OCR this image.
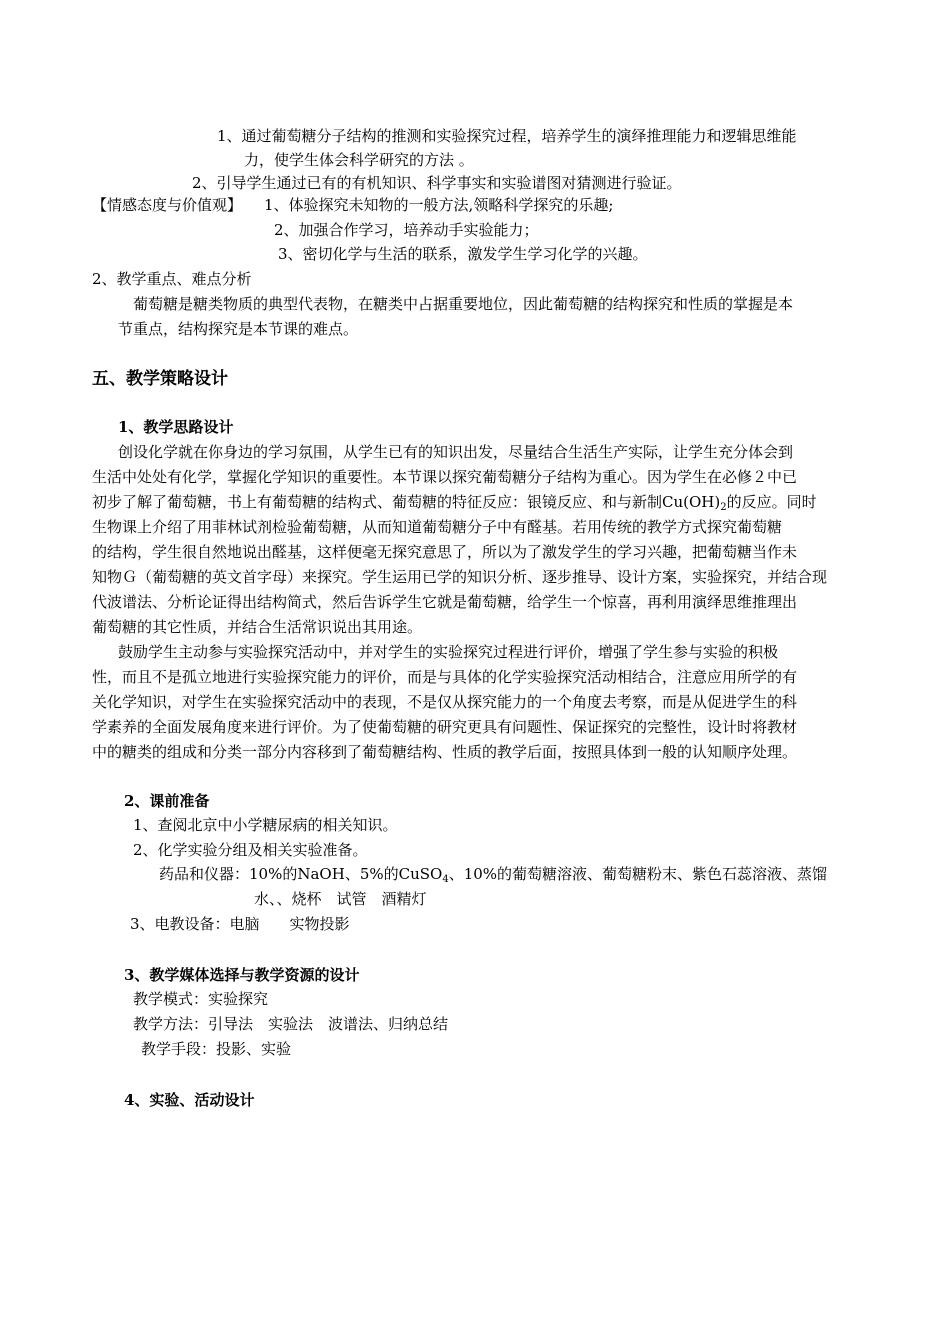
1、通过葡萄糖分子结构的推测和实验探究过程，培养学生的演绎推理能力和逻辑思维能
力，使学生体会科学研究的方法 。
2、引导学生通过已有的有机知识、科学事实和实验谱图对猜测进行验证。
【情感态度与价值观】 1、体验探究未知物的一般方法,领略科学探究的乐趣;
2、加强合作学习，培养动手实验能力；
3、密切化学与生活的联系，激发学生学习化学的兴趣。
2、教学重点、难点分析
葡萄糖是糖类物质的典型代表物，在糖类中占据重要地位，因此葡萄糖的结构探究和性质的掌握是本
节重点，结构探究是本节课的难点。
五、教学策略设计
1、教学思路设计
创设化学就在你身边的学习氛围，从学生已有的知识出发，尽量结合生活生产实际，让学生充分体会到
生活中处处有化学，掌握化学知识的重要性。本节课以探究葡萄糖分子结构为重心。因为学生在必修２中已
初步了解了葡萄糖，书上有葡萄糖的结构式、葡萄糖的特征反应：银镜反应、和与新制$Cu(OH)_2$的反应。同时
生物课上介绍了用菲林试剂检验葡萄糖，从而知道葡萄糖分子中有醛基。若用传统的教学方式探究葡萄糖
的结构，学生很自然地说出醛基，这样便毫无探究意思了，所以为了激发学生的学习兴趣，把葡萄糖当作未
知物Ｇ（葡萄糖的英文首字母）来探究。学生运用已学的知识分析、逐步推导、设计方案，实验探究，并结合现
代波谱法、分析论证得出结构简式，然后告诉学生它就是葡萄糖，给学生一个惊喜，再利用演绎思维推理出
葡萄糖的其它性质，并结合生活常识说出其用途。
鼓励学生主动参与实验探究活动中，并对学生的实验探究过程进行评价，增强了学生参与实验的积极
性，而且不是孤立地进行实验探究能力的评价，而是与具体的化学实验探究活动相结合，注意应用所学的有
关化学知识，对学生在实验探究活动中的表现，不是仅从探究能力的一个角度去考察，而是从促进学生的科
学素养的全面发展角度来进行评价。为了使葡萄糖的研究更具有问题性、保证探究的完整性，设计时将教材
中的糖类的组成和分类一部分内容移到了葡萄糖结构、性质的教学后面，按照具体到一般的认知顺序处理。
2、课前准备
1、查阅北京中小学糖尿病的相关知识。
2、化学实验分组及相关实验准备。
药品和仪器：10%的NaOH、5%的CuSO$_4$、10%的葡萄糖溶液、葡萄糖粉末、紫色石蕊溶液、蒸馏
水、、烧杯　试管　酒精灯
3、电教设备：电脑　　实物投影
3、教学媒体选择与教学资源的设计
教学模式：实验探究
教学方法：引导法　实验法　波谱法、归纳总结
教学手段：投影、实验
4、实验、活动设计
